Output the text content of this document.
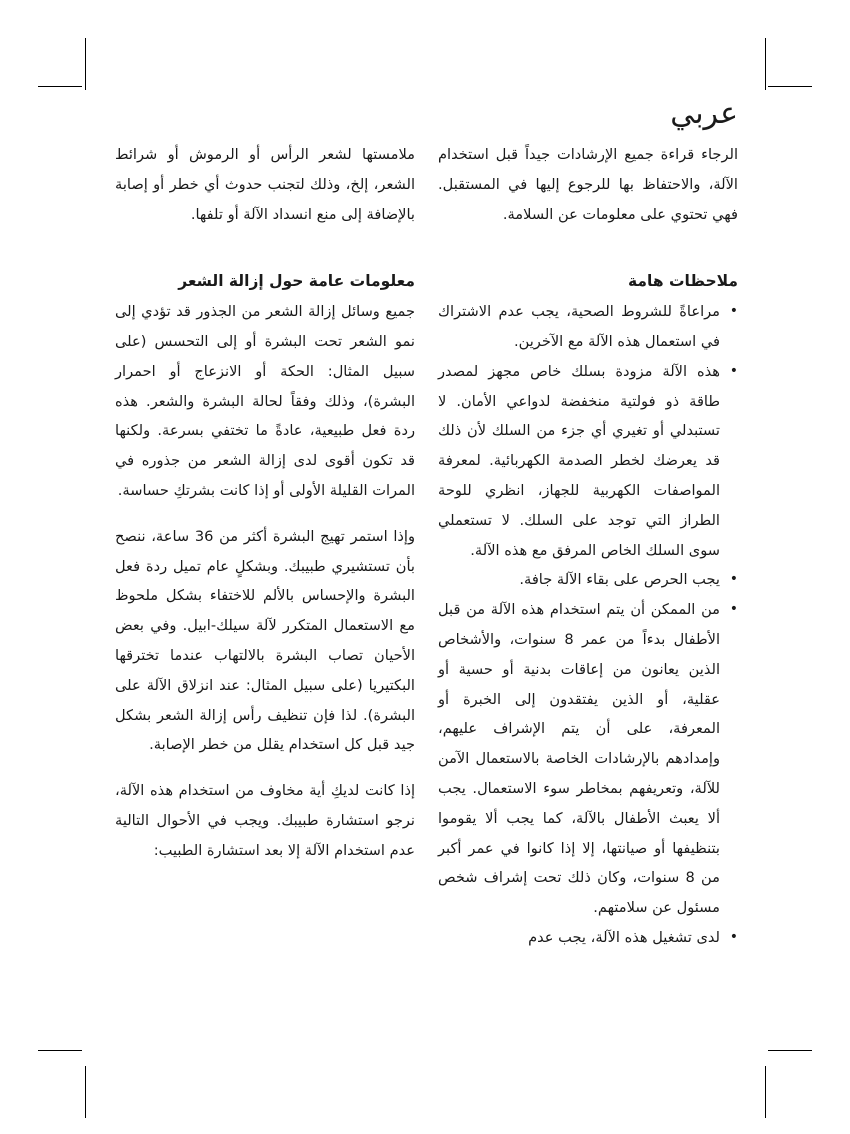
عربي

الرجاء قراءة جميع الإرشادات جيداً قبل استخدام الآلة، والاحتفاظ بها للرجوع إليها في المستقبل. فهي تحتوي على معلومات عن السلامة.

ملاحظات هامة
• مراعاةً للشروط الصحية، يجب عدم الاشتراك في استعمال هذه الآلة مع الآخرين.
• هذه الآلة مزودة بسلك خاص مجهز لمصدر طاقة ذو فولتية منخفضة لدواعي الأمان. لا تستبدلي أو تغيري أي جزء من السلك لأن ذلك قد يعرضك لخطر الصدمة الكهربائية. لمعرفة المواصفات الكهربية للجهاز، انظري للوحة الطراز التي توجد على السلك. لا تستعملي سوى السلك الخاص المرفق مع هذه الآلة.
• يجب الحرص على بقاء الآلة جافة.
• من الممكن أن يتم استخدام هذه الآلة من قبل الأطفال بدءاً من عمر 8 سنوات، والأشخاص الذين يعانون من إعاقات بدنية أو حسية أو عقلية، أو الذين يفتقدون إلى الخبرة أو المعرفة، على أن يتم الإشراف عليهم، وإمدادهم بالإرشادات الخاصة بالاستعمال الآمن للآلة، وتعريفهم بمخاطر سوء الاستعمال. يجب ألا يعبث الأطفال بالآلة، كما يجب ألا يقوموا بتنظيفها أو صيانتها، إلا إذا كانوا في عمر أكبر من 8 سنوات، وكان ذلك تحت إشراف شخص مسئول عن سلامتهم.
• لدى تشغيل هذه الآلة، يجب عدم

ملامستها لشعر الرأس أو الرموش أو شرائط الشعر، إلخ، وذلك لتجنب حدوث أي خطر أو إصابة بالإضافة إلى منع انسداد الآلة أو تلفها.

معلومات عامة حول إزالة الشعر

جميع وسائل إزالة الشعر من الجذور قد تؤدي إلى نمو الشعر تحت البشرة أو إلى التحسس (على سبيل المثال: الحكة أو الانزعاج أو احمرار البشرة)، وذلك وفقاً لحالة البشرة والشعر. هذه ردة فعل طبيعية، عادةً ما تختفي بسرعة. ولكنها قد تكون أقوى لدى إزالة الشعر من جذوره في المرات القليلة الأولى أو إذا كانت بشرتكِ حساسة.

وإذا استمر تهيج البشرة أكثر من 36 ساعة، ننصح بأن تستشيري طبيبك. وبشكلٍ عام تميل ردة فعل البشرة والإحساس بالألم للاختفاء بشكل ملحوظ مع الاستعمال المتكرر لآلة سيلك-ابيل. وفي بعض الأحيان تصاب البشرة بالالتهاب عندما تخترقها البكتيريا (على سبيل المثال: عند انزلاق الآلة على البشرة). لذا فإن تنظيف رأس إزالة الشعر بشكل جيد قبل كل استخدام يقلل من خطر الإصابة.

إذا كانت لديكِ أية مخاوف من استخدام هذه الآلة، نرجو استشارة طبيبك. ويجب في الأحوال التالية عدم استخدام الآلة إلا بعد استشارة الطبيب:
